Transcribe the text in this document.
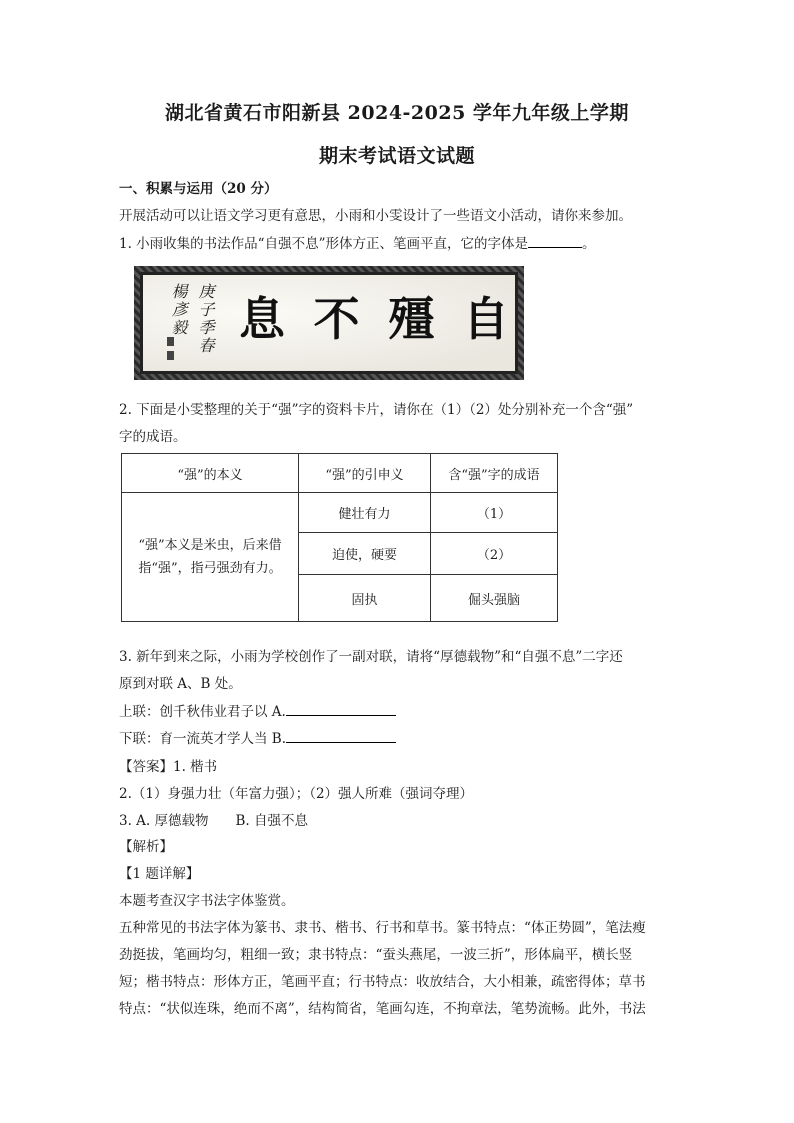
湖北省黄石市阳新县 2024-2025 学年九年级上学期
期末考试语文试题
一、积累与运用（20 分）
开展活动可以让语文学习更有意思，小雨和小雯设计了一些语文小活动，请你来参加。
1. 小雨收集的书法作品“自强不息”形体方正、笔画平直，它的字体是	。
庚子季春
楊彥毅 息 不 殭 自
2. 下面是小雯整理的关于“强”字的资料卡片，请你在（1）（2）处分别补充一个含“强”
字的成语。
“强”的本义	“强”的引申义	含“强”字的成语
“强”本义是米虫，后来借指“强”，指弓强劲有力。	健壮有力	（1）
	迫使，硬要	（2）
	固执	倔头强脑
3. 新年到来之际，小雨为学校创作了一副对联，请将“厚德载物”和“自强不息”二字还
原到对联 A、B 处。
上联：创千秋伟业君子以 A.
下联：育一流英才学人当 B.
【答案】1. 楷书
2.（1）身强力壮（年富力强）；（2）强人所难（强词夺理）
3. A. 厚德载物　　B. 自强不息
【解析】
【1 题详解】
本题考查汉字书法字体鉴赏。
五种常见的书法字体为篆书、隶书、楷书、行书和草书。篆书特点：“体正势圆”，笔法瘦
劲挺拔，笔画均匀，粗细一致；隶书特点：“蚕头燕尾，一波三折”，形体扁平，横长竖
短；楷书特点：形体方正，笔画平直；行书特点：收放结合，大小相兼，疏密得体；草书
特点：“状似连珠，绝而不离”，结构简省，笔画勾连，不拘章法，笔势流畅。此外，书法
